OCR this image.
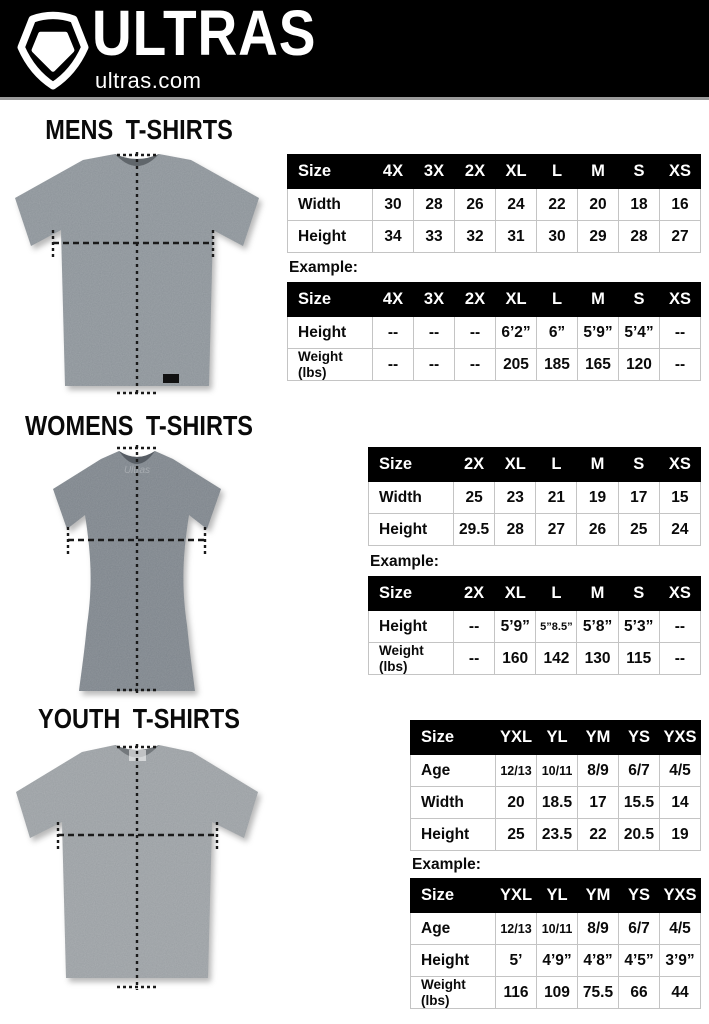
ULTRAS
ultras.com
MENS T-SHIRTS
Size	4X	3X	2X	XL	L	M	S	XS
Width	30	28	26	24	22	20	18	16
Height	34	33	32	31	30	29	28	27
Example:
Size	4X	3X	2X	XL	L	M	S	XS
Height	--	--	--	6’2”	6”	5’9”	5’4”	--
Weight (lbs)	--	--	--	205	185	165	120	--
WOMENS T-SHIRTS
Ultras	Size	2X	XL	L	M	S	XS
Width	25	23	21	19	17	15
Height	29.5	28	27	26	25	24
Example:
Size	2X	XL	L	M	S	XS
Height	--	5’9”	5”8.5”	5’8”	5’3”	--
Weight (lbs)	--	160	142	130	115	--
YOUTH T-SHIRTS
Size	YXL	YL	YM	YS	YXS
Age	12/13	10/11	8/9	6/7	4/5
Width	20	18.5	17	15.5	14
Height	25	23.5	22	20.5	19
Example:
Size	YXL	YL	YM	YS	YXS
Age	12/13	10/11	8/9	6/7	4/5
Height	5’	4’9”	4’8”	4’5”	3’9”
Weight (lbs)	116	109	75.5	66	44
